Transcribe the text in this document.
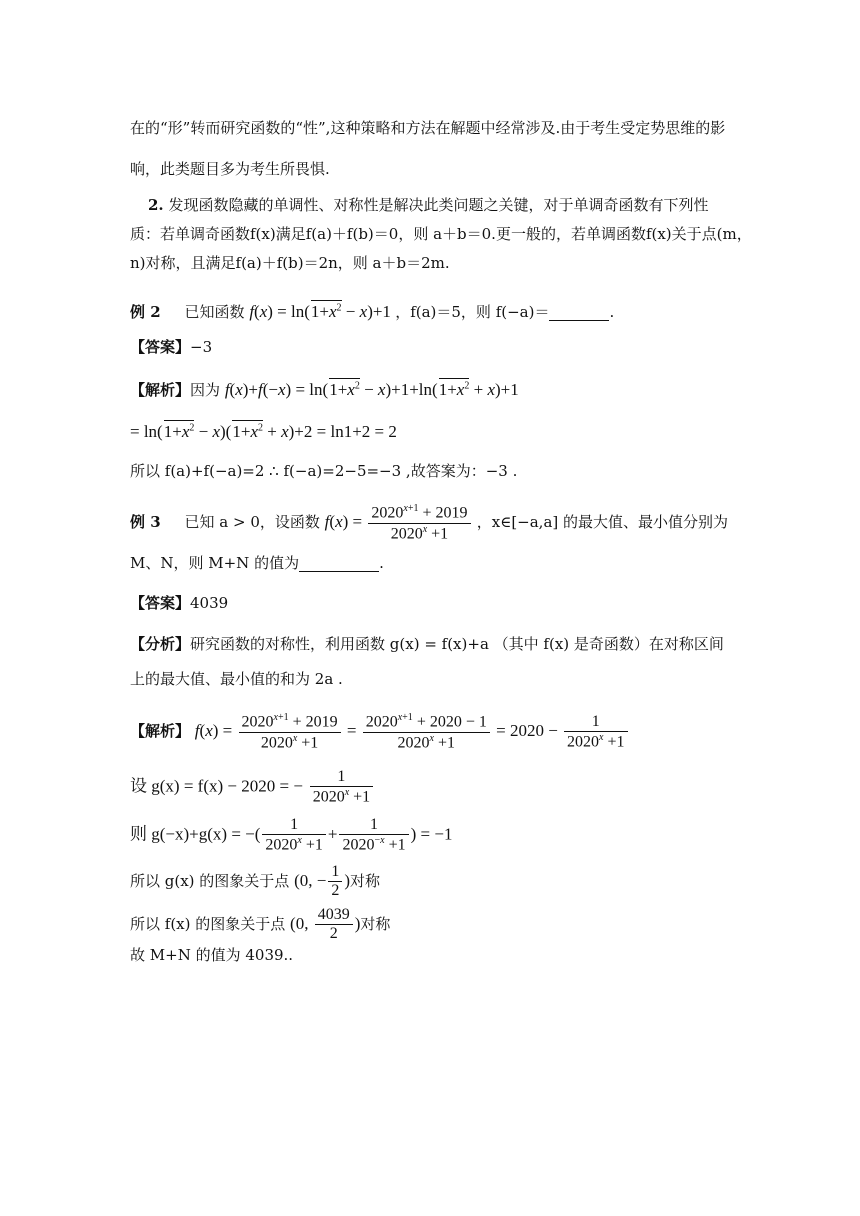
在的“形”转而研究函数的“性”,这种策略和方法在解题中经常涉及.由于考生受定势思维的影
响，此类题目多为考生所畏惧.
2. 发现函数隐藏的单调性、对称性是解决此类问题之关键，对于单调奇函数有下列性
质：若单调奇函数f(x)满足f(a)＋f(b)＝0，则 a＋b＝0.更一般的，若单调函数f(x)关于点(m，
n)对称，且满足f(a)＋f(b)＝2n，则 a＋b＝2m.
例 2 已知函数 $f(x) = \ln(1+x^2 - x)+1$ ，f(a)＝5，则 f(−a)＝	.
【答案】−3
【解析】因为 $f(x)+f(-x) = \ln(1+x^2 - x)+1+\ln(1+x^2 + x)+1$
= $\ln(1+x^2 - x)(1+x^2 + x)+2 = \ln 1+2 = 2$
所以 f(a)+f(−a)=2 ∴ f(−a)=2−5=−3 ,故答案为：−3 .
例 3 已知 a > 0，设函数 $f(x) = \frac{2020^{x+1} + 2019}{2020^x +1}$ ，x∈[−a,a] 的最大值、最小值分别为
M、N，则 M+N 的值为	.
【答案】4039
【分析】研究函数的对称性，利用函数 g(x) = f(x)+a （其中 f(x) 是奇函数）在对称区间
上的最大值、最小值的和为 2a .
【解析】 $f(x) = \frac{2020^{x+1} + 2019}{2020^x +1} = \frac{2020^{x+1} + 2020 - 1}{2020^x +1} = 2020 - \frac{1}{2020^x +1}$
设 g(x) = f(x) − 2020 = − $\frac{1}{2020^x +1}$
则 g(−x)+g(x) = −( $\frac{1}{2020^x +1} + \frac{1}{2020^{-x} +1}$ ) = −1
所以 g(x) 的图象关于点 (0, − $\frac{1}{2}$ )对称
所以 f(x) 的图象关于点 (0, $\frac{4039}{2}$ )对称
故 M+N 的值为 4039..
